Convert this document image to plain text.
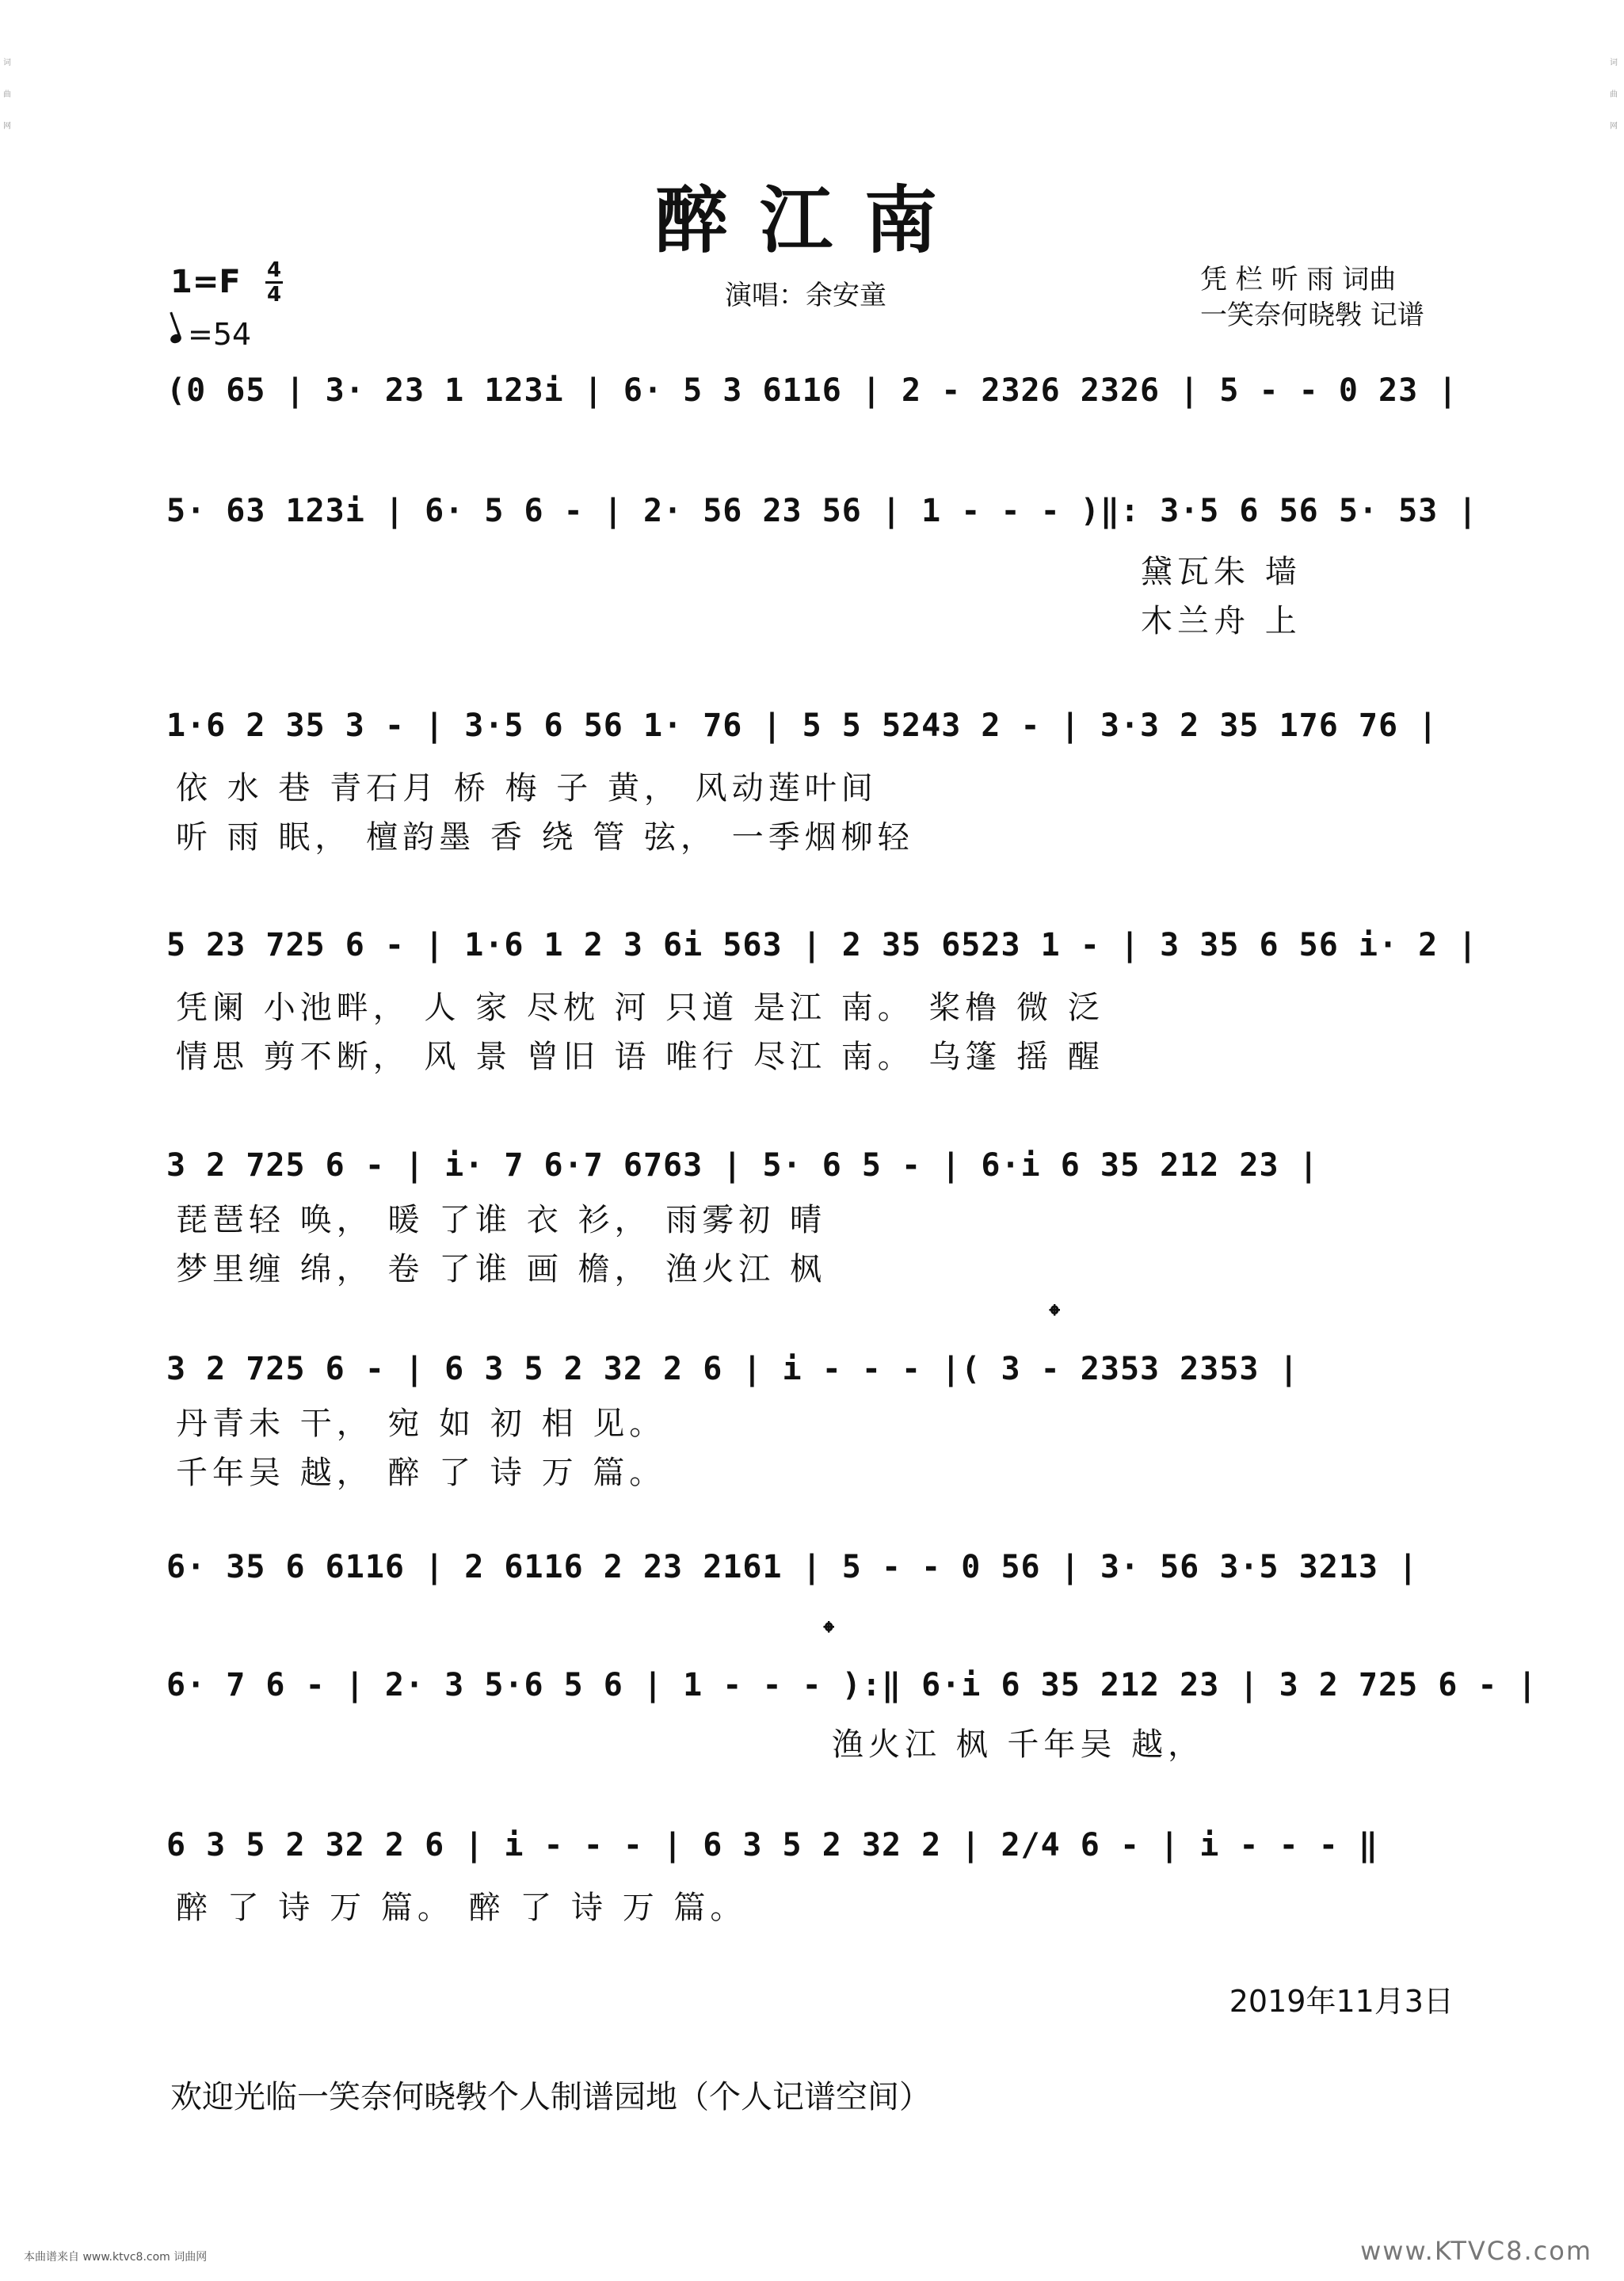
醉江南
1=F 4
4
=54
演唱：余安童	凭 栏 听 雨 词曲
一笑奈何晓斅 记谱
(0 65 | 3· 23 1 123i | 6· 5 3 6116 | 2 - 2326 2326 | 5 - - 0 23 |
5· 63 123i | 6· 5 6 - | 2· 56 23 56 | 1 - - - )‖: 3·5 6 56 5· 53 |
黛瓦朱 墙
木兰舟 上
1·6 2 35 3 - | 3·5 6 56 1· 76 | 5 5 5243 2 - | 3·3 2 35 176 76 |
依 水 巷 青石月 桥 梅 子 黄， 风动莲叶间
听 雨 眠， 檀韵墨 香 绕 管 弦， 一季烟柳轻
5 23 725 6 - | 1·6 1 2 3 6i 563 | 2 35 6523 1 - | 3 35 6 56 i· 2 |
凭阑 小池畔， 人 家 尽枕 河 只道 是江 南。 桨橹 微 泛
情思 剪不断， 风 景 曾旧 语 唯行 尽江 南。 乌篷 摇 醒
3 2 725 6 - | i· 7 6·7 6763 | 5· 6 5 - | 6·i 6 35 212 23 |
琵琶轻 唤， 暖 了谁 衣 衫， 雨雾初 晴
梦里缠 绵， 卷 了谁 画 檐， 渔火江 枫
𝄌
3 2 725 6 - | 6 3 5 2 32 2 6 | i - - - |( 3 - 2353 2353 |
丹青未 干， 宛 如 初 相 见。
千年吴 越， 醉 了 诗 万 篇。
6· 35 6 6116 | 2 6116 2 23 2161 | 5 - - 0 56 | 3· 56 3·5 3213 |
𝄌
6· 7 6 - | 2· 3 5·6 5 6 | 1 - - - ):‖ 6·i 6 35 212 23 | 3 2 725 6 - |
渔火江 枫 千年吴 越，
6 3 5 2 32 2 6 | i - - - | 6 3 5 2 32 2 | 2/4 6 - | i - - - ‖
醉 了 诗 万 篇。 醉 了 诗 万 篇。
2019年11月3日
欢迎光临一笑奈何晓斅个人制谱园地（个人记谱空间）
本曲谱来自 www.ktvc8.com 词曲网	www.KTVC8.com
词曲网
词曲网
